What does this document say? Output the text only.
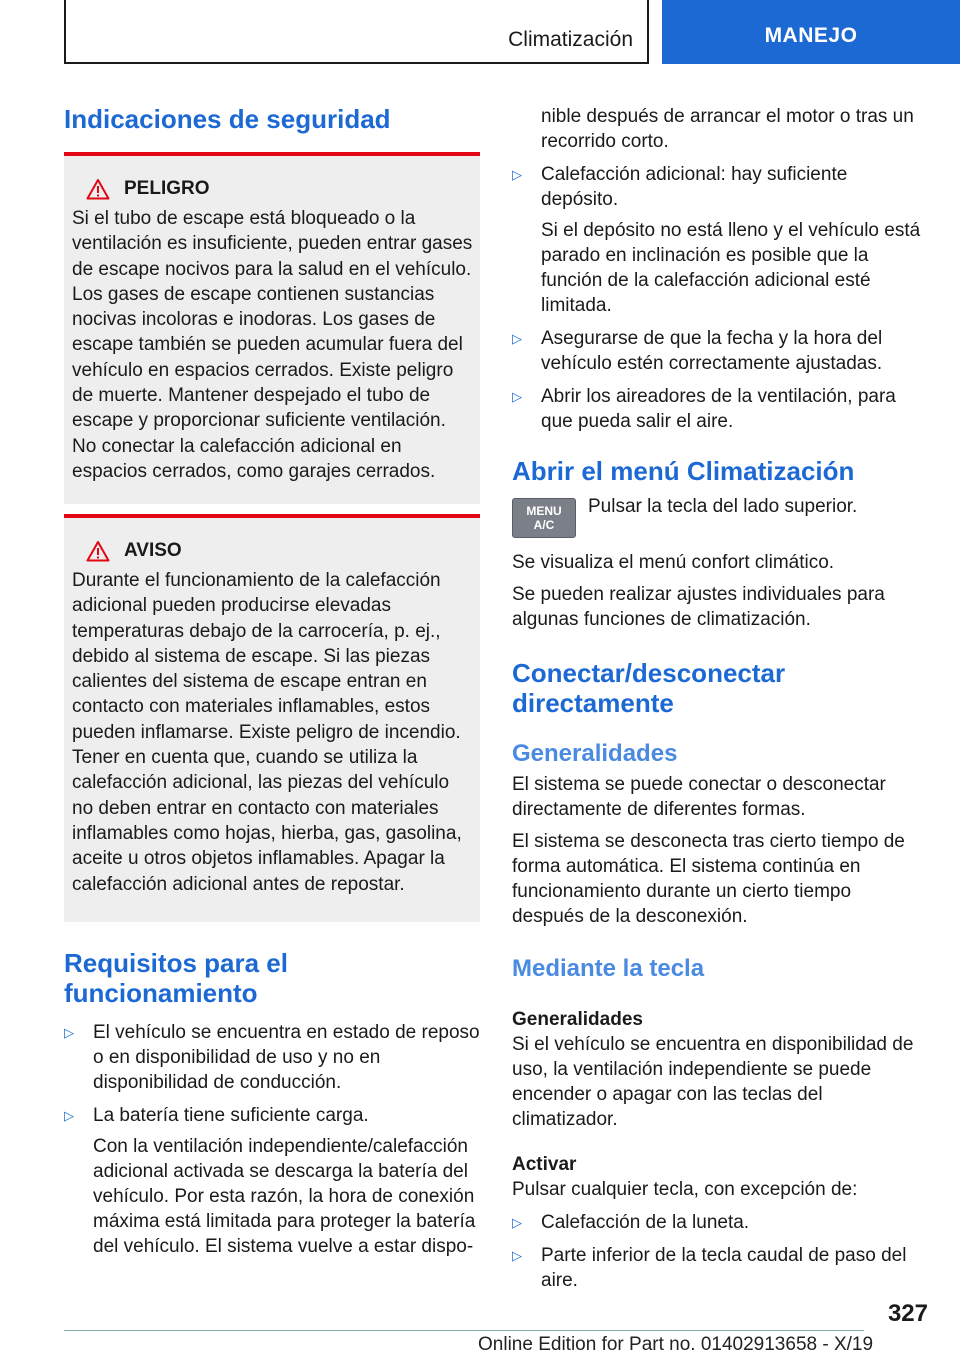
Climatización	MANEJO
Indicaciones de seguridad
PELIGRO

Si el tubo de escape está bloqueado o la ventilación es insuficiente, pueden entrar gases de escape nocivos para la salud en el vehículo. Los gases de escape contienen sustancias nocivas incoloras e inodoras. Los gases de escape también se pueden acumular fuera del vehículo en espacios cerrados. Existe peligro de muerte. Mantener despejado el tubo de escape y proporcionar suficiente ventilación. No conectar la calefacción adicional en espacios cerrados, como garajes cerrados.

AVISO

Durante el funcionamiento de la calefacción adicional pueden producirse elevadas temperaturas debajo de la carrocería, p. ej., debido al sistema de escape. Si las piezas calientes del sistema de escape entran en contacto con materiales inflamables, estos pueden inflamarse. Existe peligro de incendio. Tener en cuenta que, cuando se utiliza la calefacción adicional, las piezas del vehículo no deben entrar en contacto con materiales inflamables como hojas, hierba, gas, gasolina, aceite u otros objetos inflamables. Apagar la calefacción adicional antes de repostar.

Requisitos para el funcionamiento
▷	El vehículo se encuentra en estado de reposo o en disponibilidad de uso y no en disponibilidad de conducción.

▷	La batería tiene suficiente carga.

Con la ventilación independiente/calefacción adicional activada se descarga la batería del vehículo. Por esta razón, la hora de conexión máxima está limitada para proteger la batería del vehículo. El sistema vuelve a estar dispo-

nible después de arrancar el motor o tras un recorrido corto.

▷	Calefacción adicional: hay suficiente depósito.

Si el depósito no está lleno y el vehículo está parado en inclinación es posible que la función de la calefacción adicional esté limitada.

▷	Asegurarse de que la fecha y la hora del vehículo estén correctamente ajustadas.

▷	Abrir los aireadores de la ventilación, para que pueda salir el aire.

Abrir el menú Climatización
MENU
A/C

Pulsar la tecla del lado superior.

Se visualiza el menú confort climático.

Se pueden realizar ajustes individuales para algunas funciones de climatización.

Conectar/desconectar directamente
Generalidades

El sistema se puede conectar o desconectar directamente de diferentes formas.

El sistema se desconecta tras cierto tiempo de forma automática. El sistema continúa en funcionamiento durante un cierto tiempo después de la desconexión.

Mediante la tecla
Generalidades

Si el vehículo se encuentra en disponibilidad de uso, la ventilación independiente se puede encender o apagar con las teclas del climatizador.

Activar

Pulsar cualquier tecla, con excepción de:

▷	Calefacción de la luneta.

▷	Parte inferior de la tecla caudal de paso del aire.

327
Online Edition for Part no. 01402913658 - X/19
